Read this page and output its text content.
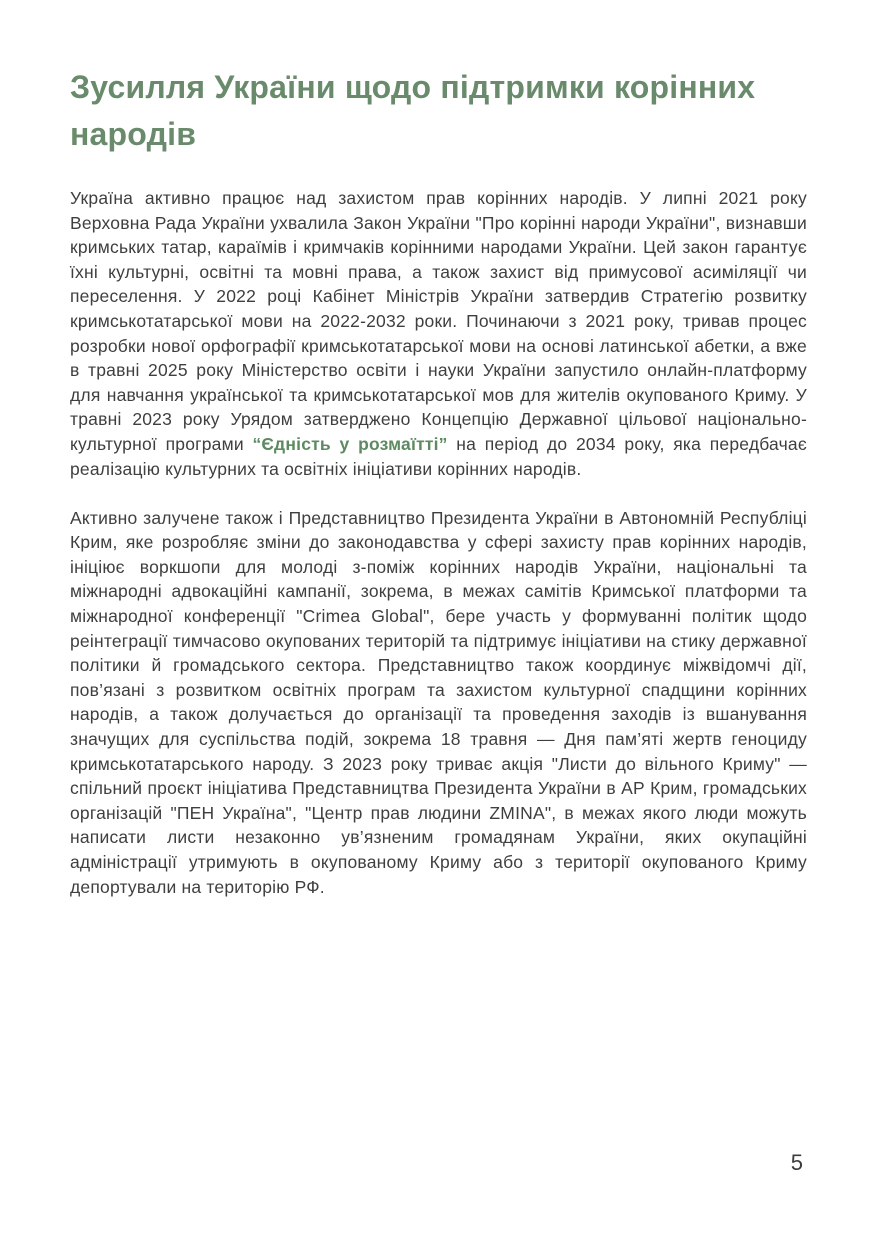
Зусилля України щодо підтримки корінних народів

Україна активно працює над захистом прав корінних народів. У липні 2021 року Верховна Рада України ухвалила Закон України "Про корінні народи України", визнавши кримських татар, караїмів і кримчаків корінними народами України. Цей закон гарантує їхні культурні, освітні та мовні права, а також захист від примусової асиміляції чи переселення. У 2022 році Кабінет Міністрів України затвердив Стратегію розвитку кримськотатарської мови на 2022-2032 роки. Починаючи з 2021 року, тривав процес розробки нової орфографії кримськотатарської мови на основі латинської абетки, а вже в травні 2025 року Міністерство освіти і науки України запустило онлайн-платформу для навчання української та кримськотатарської мов для жителів окупованого Криму. У травні 2023 року Урядом затверджено Концепцію Державної цільової національно-культурної програми “Єдність у розмаїтті” на період до 2034 року, яка передбачає реалізацію культурних та освітніх ініціативи корінних народів.

Активно залучене також і Представництво Президента України в Автономній Республіці Крим, яке розробляє зміни до законодавства у сфері захисту прав корінних народів, ініціює воркшопи для молоді з-поміж корінних народів України, національні та міжнародні адвокаційні кампанії, зокрема, в межах самітів Кримської платформи та міжнародної конференції "Crimea Global", бере участь у формуванні політик щодо реінтеграції тимчасово окупованих територій та підтримує ініціативи на стику державної політики й громадського сектора. Представництво також координує міжвідомчі дії, пов’язані з розвитком освітніх програм та захистом культурної спадщини корінних народів, а також долучається до організації та проведення заходів із вшанування значущих для суспільства подій, зокрема 18 травня — Дня пам’яті жертв геноциду кримськотатарського народу. З 2023 року триває акція "Листи до вільного Криму" — спільний проєкт ініціатива Представництва Президента України в АР Крим, громадських організацій "ПЕН Україна", "Центр прав людини ZMINA", в межах якого люди можуть написати листи незаконно ув’язненим громадянам України, яких окупаційні адміністрації утримують в окупованому Криму або з території окупованого Криму депортували на територію РФ.

5
